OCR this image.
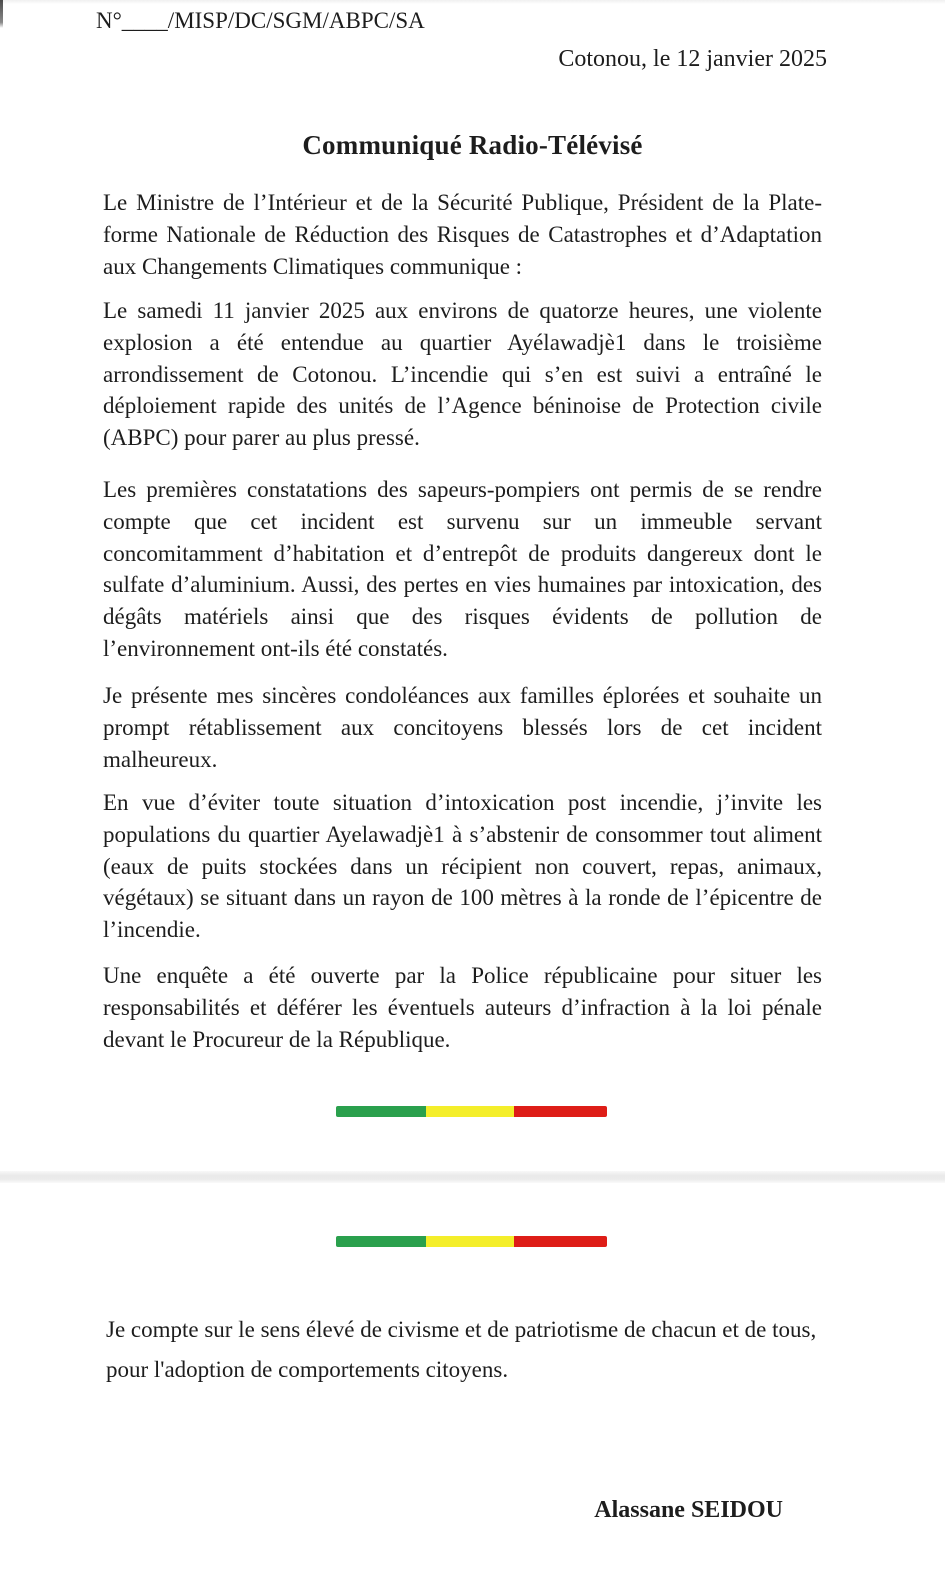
N°____/MISP/DC/SGM/ABPC/SA
Cotonou, le 12 janvier 2025
Communiqué Radio-Télévisé

Le Ministre de l’Intérieur et de la Sécurité Publique, Président de la Plate-forme Nationale de Réduction des Risques de Catastrophes et d’Adaptation aux Changements Climatiques communique :

Le samedi 11 janvier 2025 aux environs de quatorze heures, une violente explosion a été entendue au quartier Ayélawadjè1 dans le troisième arrondissement de Cotonou. L’incendie qui s’en est suivi a entraîné le déploiement rapide des unités de l’Agence béninoise de Protection civile (ABPC) pour parer au plus pressé.

Les premières constatations des sapeurs-pompiers ont permis de se rendre compte que cet incident est survenu sur un immeuble servant concomitamment d’habitation et d’entrepôt de produits dangereux dont le sulfate d’aluminium. Aussi, des pertes en vies humaines par intoxication, des dégâts matériels ainsi que des risques évidents de pollution de l’environnement ont-ils été constatés.

Je présente mes sincères condoléances aux familles éplorées et souhaite un prompt rétablissement aux concitoyens blessés lors de cet incident malheureux.

En vue d’éviter toute situation d’intoxication post incendie, j’invite les populations du quartier Ayelawadjè1 à s’abstenir de consommer tout aliment (eaux de puits stockées dans un récipient non couvert, repas, animaux, végétaux) se situant dans un rayon de 100 mètres à la ronde de l’épicentre de l’incendie.

Une enquête a été ouverte par la Police républicaine pour situer les responsabilités et déférer les éventuels auteurs d’infraction à la loi pénale devant le Procureur de la République.

Je compte sur le sens élevé de civisme et de patriotisme de chacun et de tous,

pour l'adoption de comportements citoyens.

Alassane SEIDOU
